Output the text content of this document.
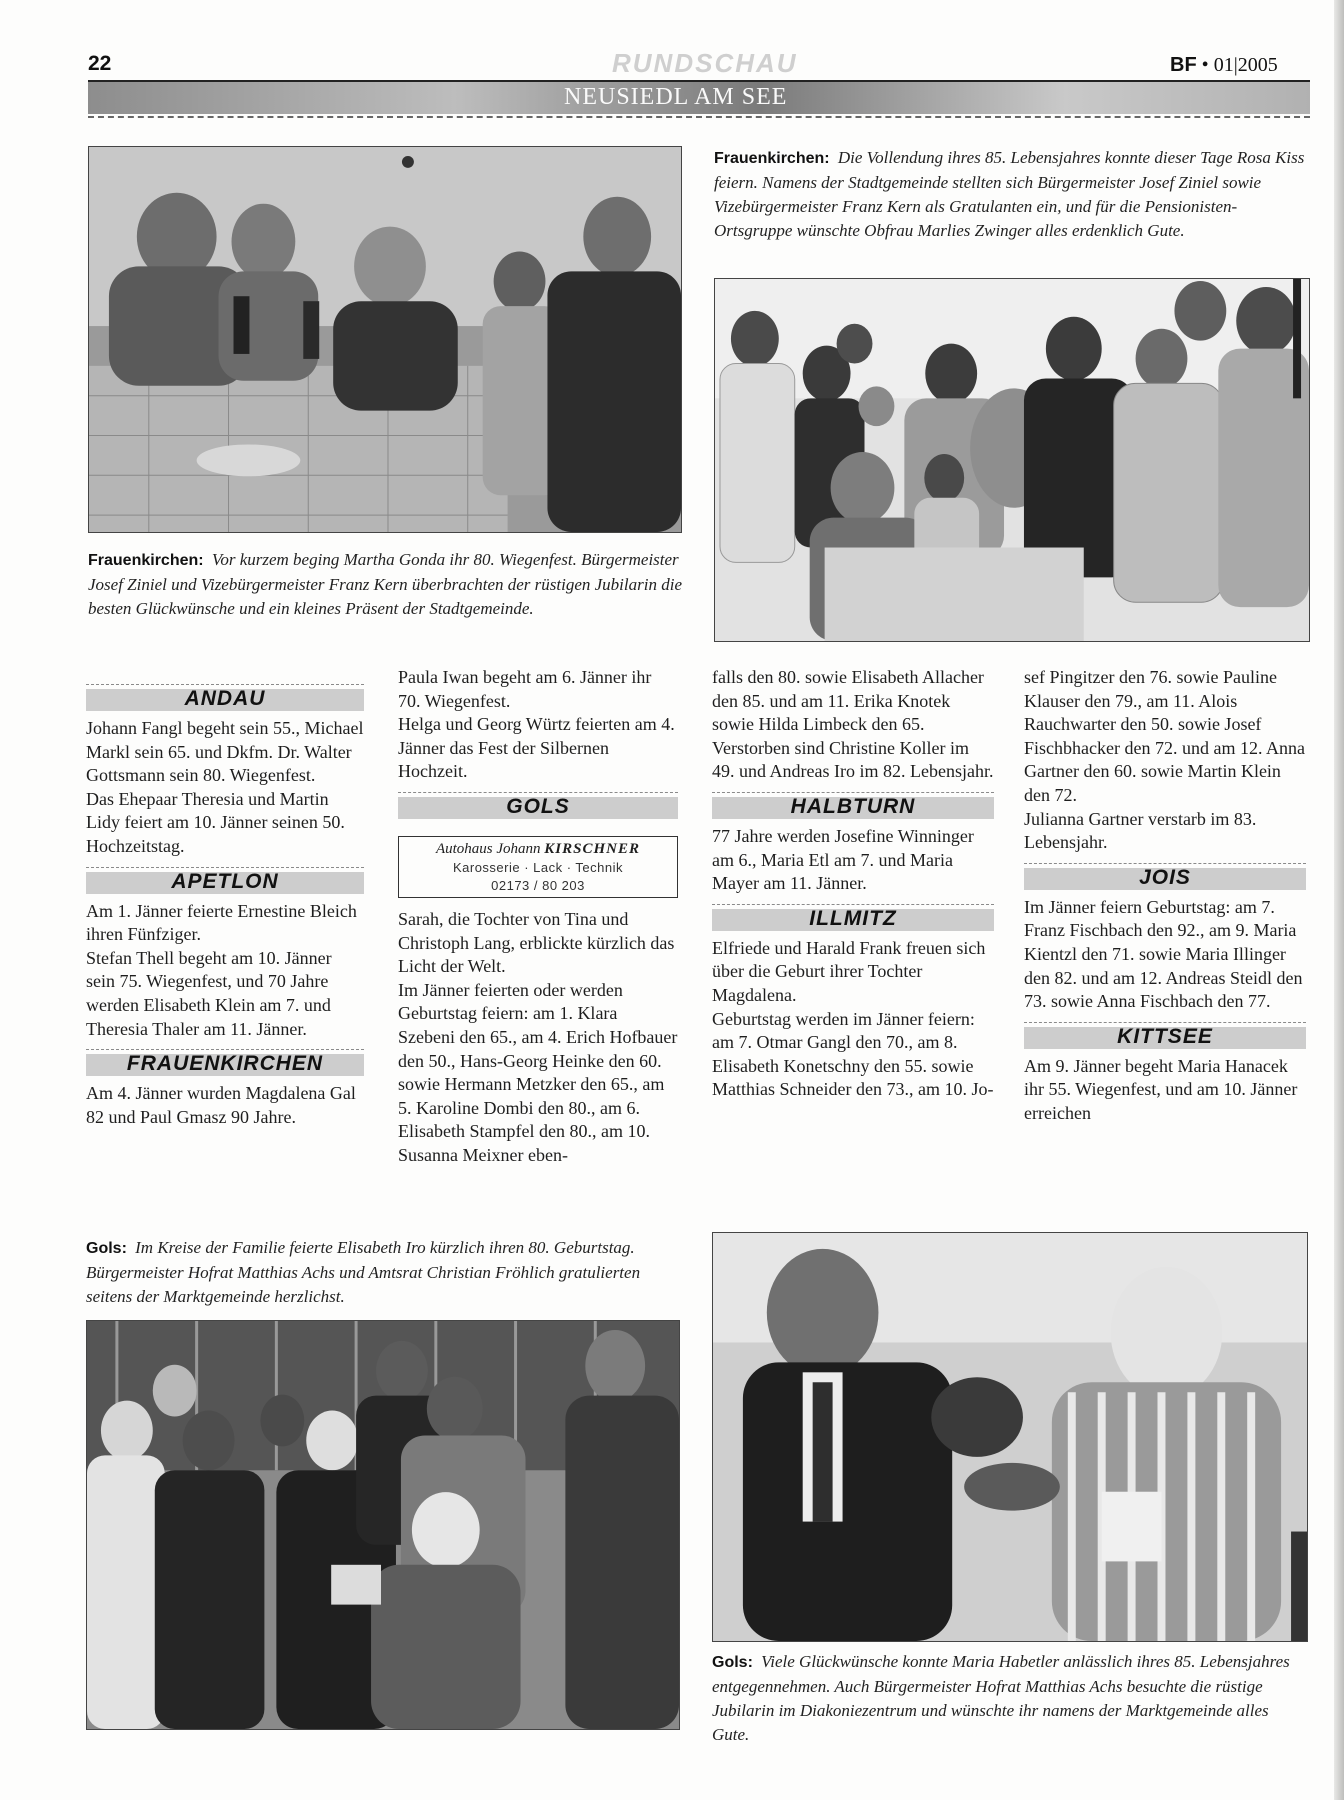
22	RUNDSCHAU	BF • 01|2005
NEUSIEDL AM SEE
Frauenkirchen: Vor kurzem beging Martha Gonda ihr 80. Wiegenfest. Bürgermeister Josef Ziniel und Vizebürgermeister Franz Kern überbrachten der rüstigen Jubilarin die besten Glückwünsche und ein kleines Präsent der Stadtgemeinde.
Frauenkirchen: Die Vollendung ihres 85. Lebensjahres konnte dieser Tage Rosa Kiss feiern. Namens der Stadtgemeinde stellten sich Bürgermeister Josef Ziniel sowie Vizebürgermeister Franz Kern als Gratulanten ein, und für die Pensionisten-Ortsgruppe wünschte Obfrau Marlies Zwinger alles erdenklich Gute.
ANDAU

Johann Fangl begeht sein 55., Michael Markl sein 65. und Dkfm. Dr. Walter Gottsmann sein 80. Wiegenfest.

Das Ehepaar Theresia und Martin Lidy feiert am 10. Jänner seinen 50. Hochzeitstag.

APETLON

Am 1. Jänner feierte Ernestine Bleich ihren Fünfziger.

Stefan Thell begeht am 10. Jänner sein 75. Wiegenfest, und 70 Jahre werden Elisabeth Klein am 7. und Theresia Thaler am 11. Jänner.

FRAUENKIRCHEN

Am 4. Jänner wurden Magdalena Gal 82 und Paul Gmasz 90 Jahre.

Paula Iwan begeht am 6. Jänner ihr 70. Wiegenfest.

Helga und Georg Würtz feierten am 4. Jänner das Fest der Silbernen Hochzeit.

GOLS
Autohaus Johann KIRSCHNER
Karosserie · Lack · Technik
02173 / 80 203

Sarah, die Tochter von Tina und Christoph Lang, erblickte kürzlich das Licht der Welt.

Im Jänner feierten oder werden Geburtstag feiern: am 1. Klara Szebeni den 65., am 4. Erich Hofbauer den 50., Hans-Georg Heinke den 60. sowie Hermann Metzker den 65., am 5. Karoline Dombi den 80., am 6. Elisabeth Stampfel den 80., am 10. Susanna Meixner eben-

falls den 80. sowie Elisabeth Allacher den 85. und am 11. Erika Knotek sowie Hilda Limbeck den 65.

Verstorben sind Christine Koller im 49. und Andreas Iro im 82. Lebensjahr.

HALBTURN

77 Jahre werden Josefine Winninger am 6., Maria Etl am 7. und Maria Mayer am 11. Jänner.

ILLMITZ

Elfriede und Harald Frank freuen sich über die Geburt ihrer Tochter Magdalena.

Geburtstag werden im Jänner feiern: am 7. Otmar Gangl den 70., am 8. Elisabeth Konetschny den 55. sowie Matthias Schneider den 73., am 10. Jo-

sef Pingitzer den 76. sowie Pauline Klauser den 79., am 11. Alois Rauchwarter den 50. sowie Josef Fischbhacker den 72. und am 12. Anna Gartner den 60. sowie Martin Klein den 72.

Julianna Gartner verstarb im 83. Lebensjahr.

JOIS

Im Jänner feiern Geburtstag: am 7. Franz Fischbach den 92., am 9. Maria Kientzl den 71. sowie Maria Illinger den 82. und am 12. Andreas Steidl den 73. sowie Anna Fischbach den 77.

KITTSEE

Am 9. Jänner begeht Maria Hanacek ihr 55. Wiegenfest, und am 10. Jänner erreichen

Gols: Im Kreise der Familie feierte Elisabeth Iro kürzlich ihren 80. Geburtstag. Bürgermeister Hofrat Matthias Achs und Amtsrat Christian Fröhlich gratulierten seitens der Marktgemeinde herzlichst.
Gols: Viele Glückwünsche konnte Maria Habetler anlässlich ihres 85. Lebensjahres entgegennehmen. Auch Bürgermeister Hofrat Matthias Achs besuchte die rüstige Jubilarin im Diakoniezentrum und wünschte ihr namens der Marktgemeinde alles Gute.
